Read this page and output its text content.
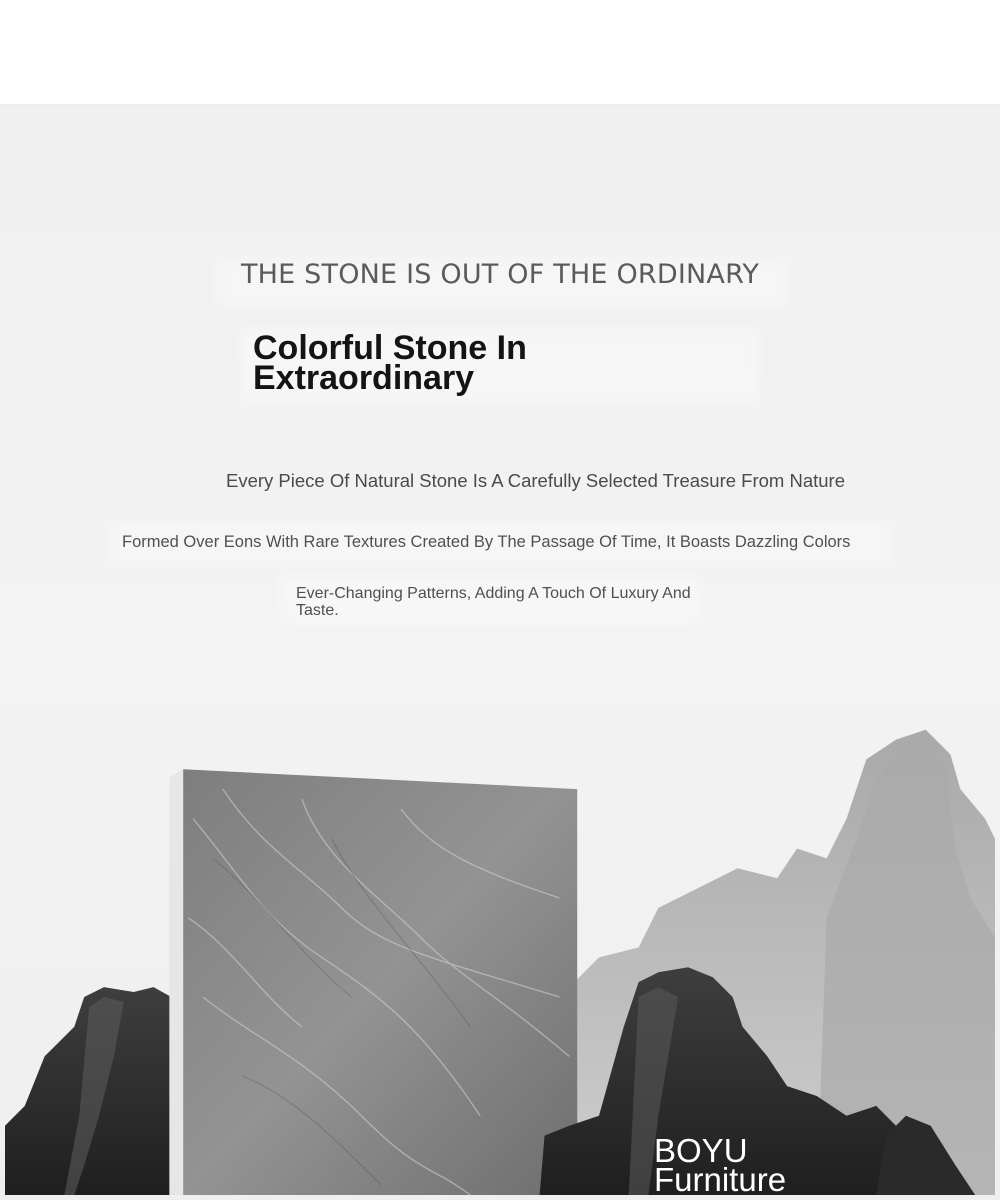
THE STONE IS OUT OF THE ORDINARY
Colorful Stone In Extraordinary

Every Piece Of Natural Stone Is A Carefully Selected Treasure From Nature

Formed Over Eons With Rare Textures Created By The Passage Of Time, It Boasts Dazzling Colors

Ever-Changing Patterns, Adding A Touch Of Luxury And Taste.

BOYU Furniture
